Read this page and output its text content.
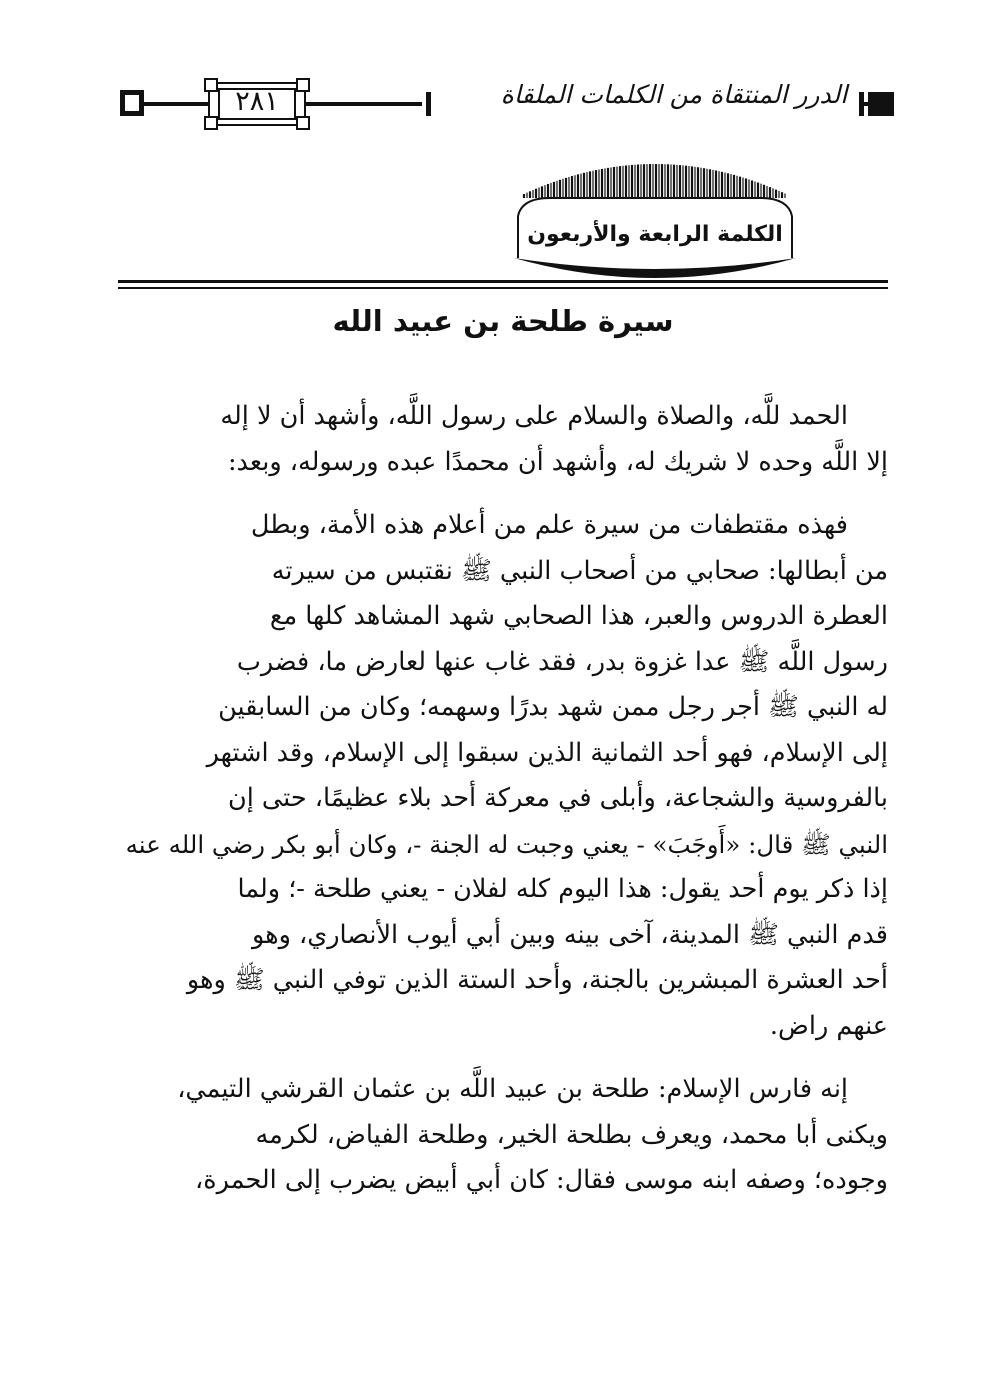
٢٨١	الدرر المنتقاة من الكلمات الملقاة
الكلمة الرابعة والأربعون
سيرة طلحة بن عبيد الله
الحمد للَّه، والصلاة والسلام على رسول اللَّه، وأشهد أن لا إله
إلا اللَّه وحده لا شريك له، وأشهد أن محمدًا عبده ورسوله، وبعد:
فهذه مقتطفات من سيرة علم من أعلام هذه الأمة، وبطل
من أبطالها: صحابي من أصحاب النبي ﷺ نقتبس من سيرته
العطرة الدروس والعبر، هذا الصحابي شهد المشاهد كلها مع
رسول اللَّه ﷺ عدا غزوة بدر، فقد غاب عنها لعارض ما، فضرب
له النبي ﷺ أجر رجل ممن شهد بدرًا وسهمه؛ وكان من السابقين
إلى الإسلام، فهو أحد الثمانية الذين سبقوا إلى الإسلام، وقد اشتهر
بالفروسية والشجاعة، وأبلى في معركة أحد بلاء عظيمًا، حتى إن
النبي ﷺ قال: «أَوجَبَ» - يعني وجبت له الجنة -، وكان أبو بكر رضي الله عنه
إذا ذكر يوم أحد يقول: هذا اليوم كله لفلان - يعني طلحة -؛ ولما
قدم النبي ﷺ المدينة، آخى بينه وبين أبي أيوب الأنصاري، وهو
أحد العشرة المبشرين بالجنة، وأحد الستة الذين توفي النبي ﷺ وهو
عنهم راض.
إنه فارس الإسلام: طلحة بن عبيد اللَّه بن عثمان القرشي التيمي،
ويكنى أبا محمد، ويعرف بطلحة الخير، وطلحة الفياض، لكرمه
وجوده؛ وصفه ابنه موسى فقال: كان أبي أبيض يضرب إلى الحمرة،
